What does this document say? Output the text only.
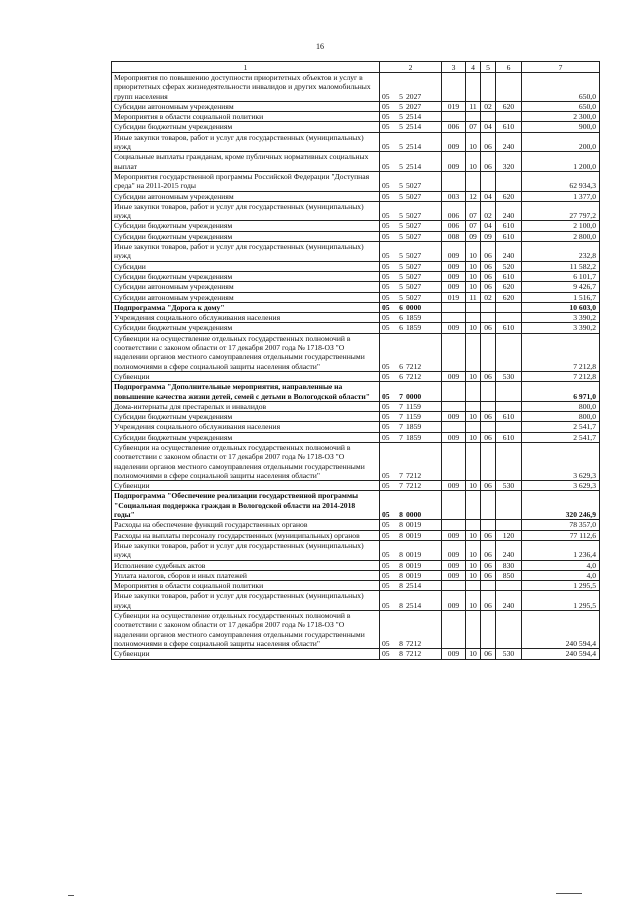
16
1	2	3	4	5	6	7
Мероприятия по повышению доступности приоритетных объектов и услуг в приоритетных сферах жизнедеятельности инвалидов и других маломобильных групп населения	05 5 2027					650,0
Субсидии автономным учреждениям	05 5 2027	019	11	02	620	650,0
Мероприятия в области социальной политики	05 5 2514					2 300,0
Субсидии бюджетным учреждениям	05 5 2514	006	07	04	610	900,0
Иные закупки товаров, работ и услуг для государственных (муниципальных) нужд	05 5 2514	009	10	06	240	200,0
Социальные выплаты гражданам, кроме публичных нормативных социальных выплат	05 5 2514	009	10	06	320	1 200,0
Мероприятия государственной программы Российской Федерации "Доступная среда" на 2011-2015 годы	05 5 5027					62 934,3
Субсидии автономным учреждениям	05 5 5027	003	12	04	620	1 377,0
Иные закупки товаров, работ и услуг для государственных (муниципальных) нужд	05 5 5027	006	07	02	240	27 797,2
Субсидии бюджетным учреждениям	05 5 5027	006	07	04	610	2 100,0
Субсидии бюджетным учреждениям	05 5 5027	008	09	09	610	2 800,0
Иные закупки товаров, работ и услуг для государственных (муниципальных) нужд	05 5 5027	009	10	06	240	232,8
Субсидии	05 5 5027	009	10	06	520	11 582,2
Субсидии бюджетным учреждениям	05 5 5027	009	10	06	610	6 101,7
Субсидии автономным учреждениям	05 5 5027	009	10	06	620	9 426,7
Субсидии автономным учреждениям	05 5 5027	019	11	02	620	1 516,7
Подпрограмма "Дорога к дому"	05 6 0000					10 603,0
Учреждения социального обслуживания населения	05 6 1859					3 390,2
Субсидии бюджетным учреждениям	05 6 1859	009	10	06	610	3 390,2
Субвенции на осуществление отдельных государственных полномочий в соответствии с законом области от 17 декабря 2007 года № 1718-ОЗ "О наделении органов местного самоуправления отдельными государственными полномочиями в сфере социальной защиты населения области"	05 6 7212					7 212,8
Субвенции	05 6 7212	009	10	06	530	7 212,8
Подпрограмма "Дополнительные мероприятия, направленные на повышение качества жизни детей, семей с детьми в Вологодской области"	05 7 0000					6 971,0
Дома-интернаты для престарелых и инвалидов	05 7 1159					800,0
Субсидии бюджетным учреждениям	05 7 1159	009	10	06	610	800,0
Учреждения социального обслуживания населения	05 7 1859					2 541,7
Субсидии бюджетным учреждениям	05 7 1859	009	10	06	610	2 541,7
Субвенции на осуществление отдельных государственных полномочий в соответствии с законом области от 17 декабря 2007 года № 1718-ОЗ "О наделении органов местного самоуправления отдельными государственными полномочиями в сфере социальной защиты населения области"	05 7 7212					3 629,3
Субвенции	05 7 7212	009	10	06	530	3 629,3
Подпрограмма "Обеспечение реализации государственной программы "Социальная поддержка граждан в Вологодской области на 2014-2018 годы"	05 8 0000					320 246,9
Расходы на обеспечение функций государственных органов	05 8 0019					78 357,0
Расходы на выплаты персоналу государственных (муниципальных) органов	05 8 0019	009	10	06	120	77 112,6
Иные закупки товаров, работ и услуг для государственных (муниципальных) нужд	05 8 0019	009	10	06	240	1 236,4
Исполнение судебных актов	05 8 0019	009	10	06	830	4,0
Уплата налогов, сборов и иных платежей	05 8 0019	009	10	06	850	4,0
Мероприятия в области социальной политики	05 8 2514					1 295,5
Иные закупки товаров, работ и услуг для государственных (муниципальных) нужд	05 8 2514	009	10	06	240	1 295,5
Субвенции на осуществление отдельных государственных полномочий в соответствии с законом области от 17 декабря 2007 года № 1718-ОЗ "О наделении органов местного самоуправления отдельными государственными полномочиями в сфере социальной защиты населения области"	05 8 7212					240 594,4
Субвенции	05 8 7212	009	10	06	530	240 594,4
